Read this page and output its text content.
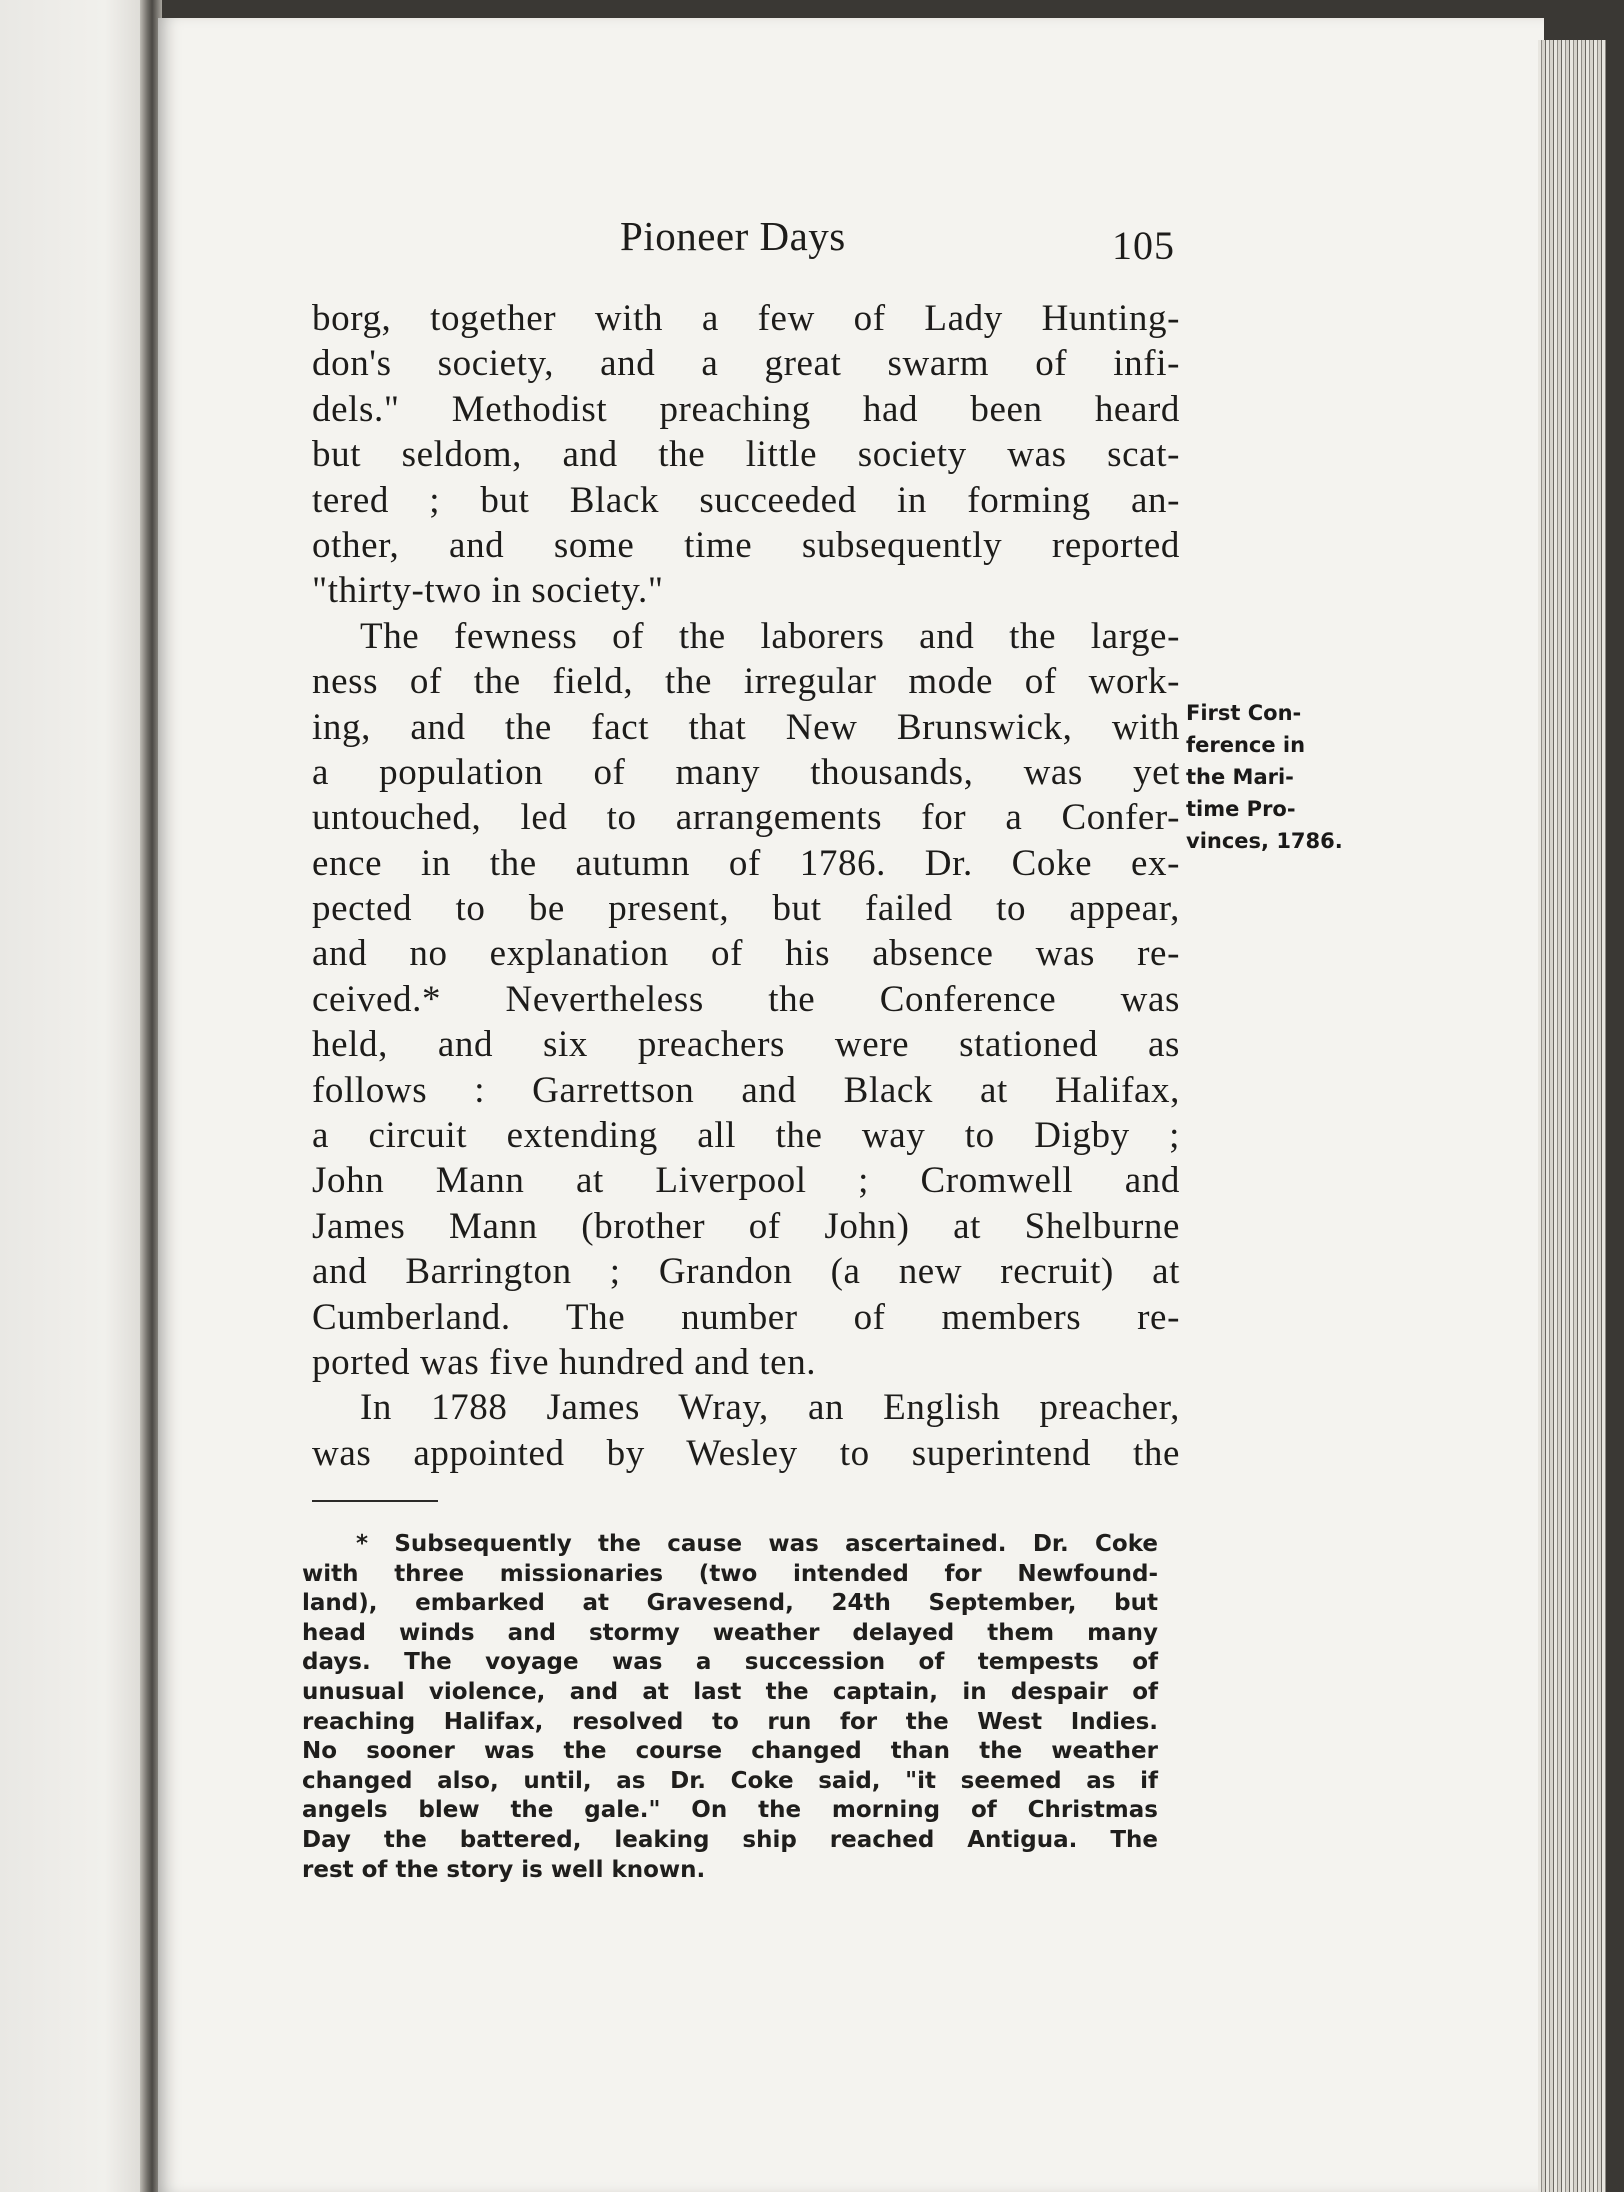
Pioneer Days	105
borg, together with a few of Lady Hunting-
don's society, and a great swarm of infi-
dels." Methodist preaching had been heard
but seldom, and the little society was scat-
tered ; but Black succeeded in forming an-
other, and some time subsequently reported
"thirty-two in society."
The fewness of the laborers and the large-
ness of the field, the irregular mode of work-
ing, and the fact that New Brunswick, with
a population of many thousands, was yet
untouched, led to arrangements for a Confer-
ence in the autumn of 1786. Dr. Coke ex-
pected to be present, but failed to appear,
and no explanation of his absence was re-
ceived.* Nevertheless the Conference was
held, and six preachers were stationed as
follows : Garrettson and Black at Halifax,
a circuit extending all the way to Digby ;
John Mann at Liverpool ; Cromwell and
James Mann (brother of John) at Shelburne
and Barrington ; Grandon (a new recruit) at
Cumberland. The number of members re-
ported was five hundred and ten.
In 1788 James Wray, an English preacher,
was appointed by Wesley to superintend the
First Con-
ference in
the Mari-
time Pro-
vinces, 1786.
* Subsequently the cause was ascertained. Dr. Coke
with three missionaries (two intended for Newfound-
land), embarked at Gravesend, 24th September, but
head winds and stormy weather delayed them many
days. The voyage was a succession of tempests of
unusual violence, and at last the captain, in despair of
reaching Halifax, resolved to run for the West Indies.
No sooner was the course changed than the weather
changed also, until, as Dr. Coke said, "it seemed as if
angels blew the gale." On the morning of Christmas
Day the battered, leaking ship reached Antigua. The
rest of the story is well known.
